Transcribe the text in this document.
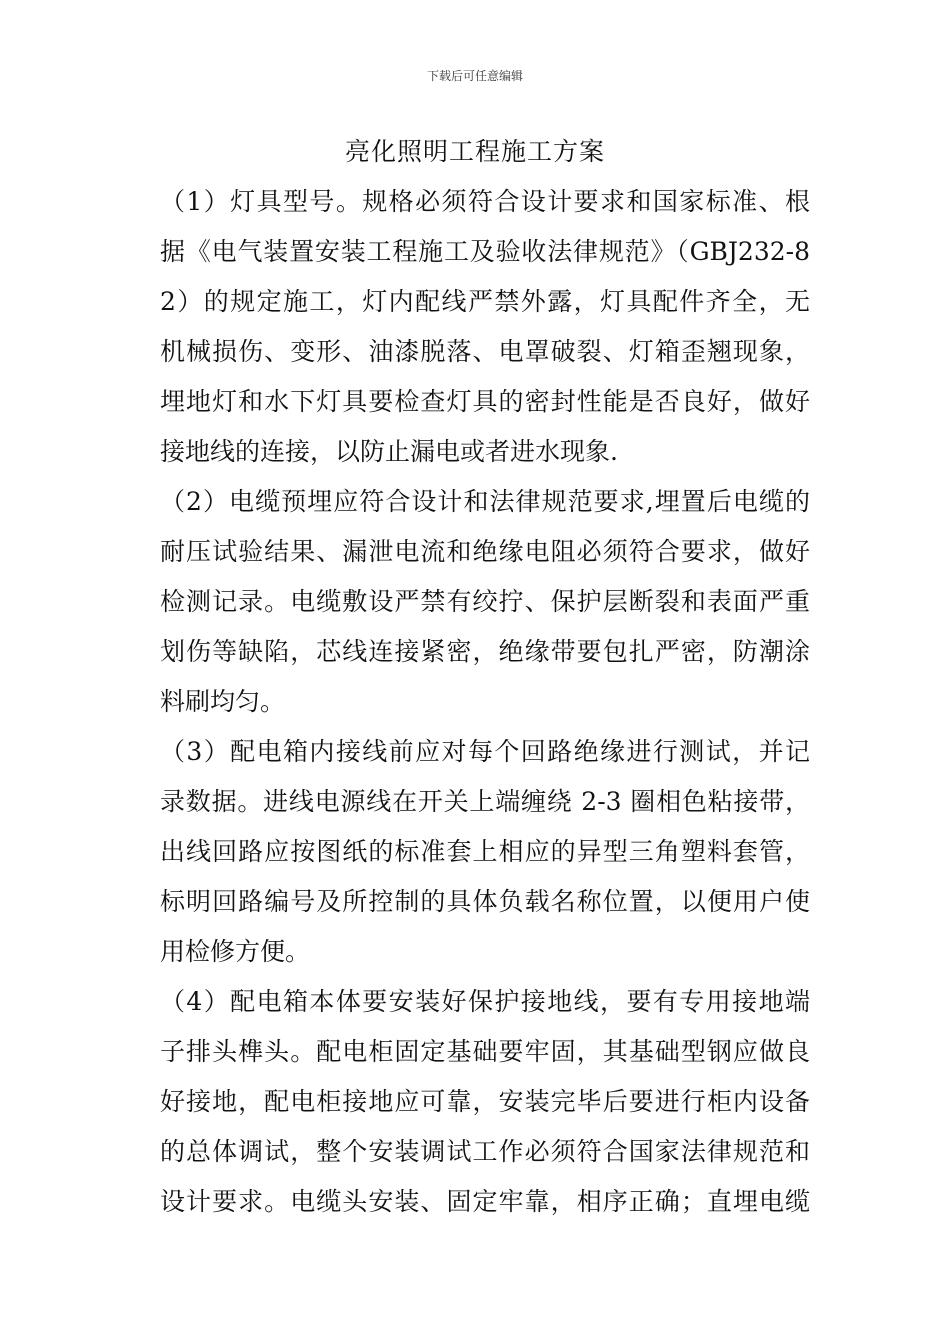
下载后可任意编辑
亮化照明工程施工方案
（1）灯具型号。规格必须符合设计要求和国家标准、根
据《电气装置安装工程施工及验收法律规范》（GBJ232-8
2）的规定施工，灯内配线严禁外露，灯具配件齐全，无
机械损伤、变形、油漆脱落、电罩破裂、灯箱歪翘现象，
埋地灯和水下灯具要检查灯具的密封性能是否良好，做好
接地线的连接，以防止漏电或者进水现象.
（2）电缆预埋应符合设计和法律规范要求,埋置后电缆的
耐压试验结果、漏泄电流和绝缘电阻必须符合要求，做好
检测记录。电缆敷设严禁有绞拧、保护层断裂和表面严重
划伤等缺陷，芯线连接紧密，绝缘带要包扎严密，防潮涂
料刷均匀。
（3）配电箱内接线前应对每个回路绝缘进行测试，并记
录数据。进线电源线在开关上端缠绕 2-3 圈相色粘接带，
出线回路应按图纸的标准套上相应的异型三角塑料套管，
标明回路编号及所控制的具体负载名称位置，以便用户使
用检修方便。
（4）配电箱本体要安装好保护接地线，要有专用接地端
子排头榫头。配电柜固定基础要牢固，其基础型钢应做良
好接地，配电柜接地应可靠，安装完毕后要进行柜内设备
的总体调试，整个安装调试工作必须符合国家法律规范和
设计要求。电缆头安装、固定牢靠，相序正确；直埋电缆
